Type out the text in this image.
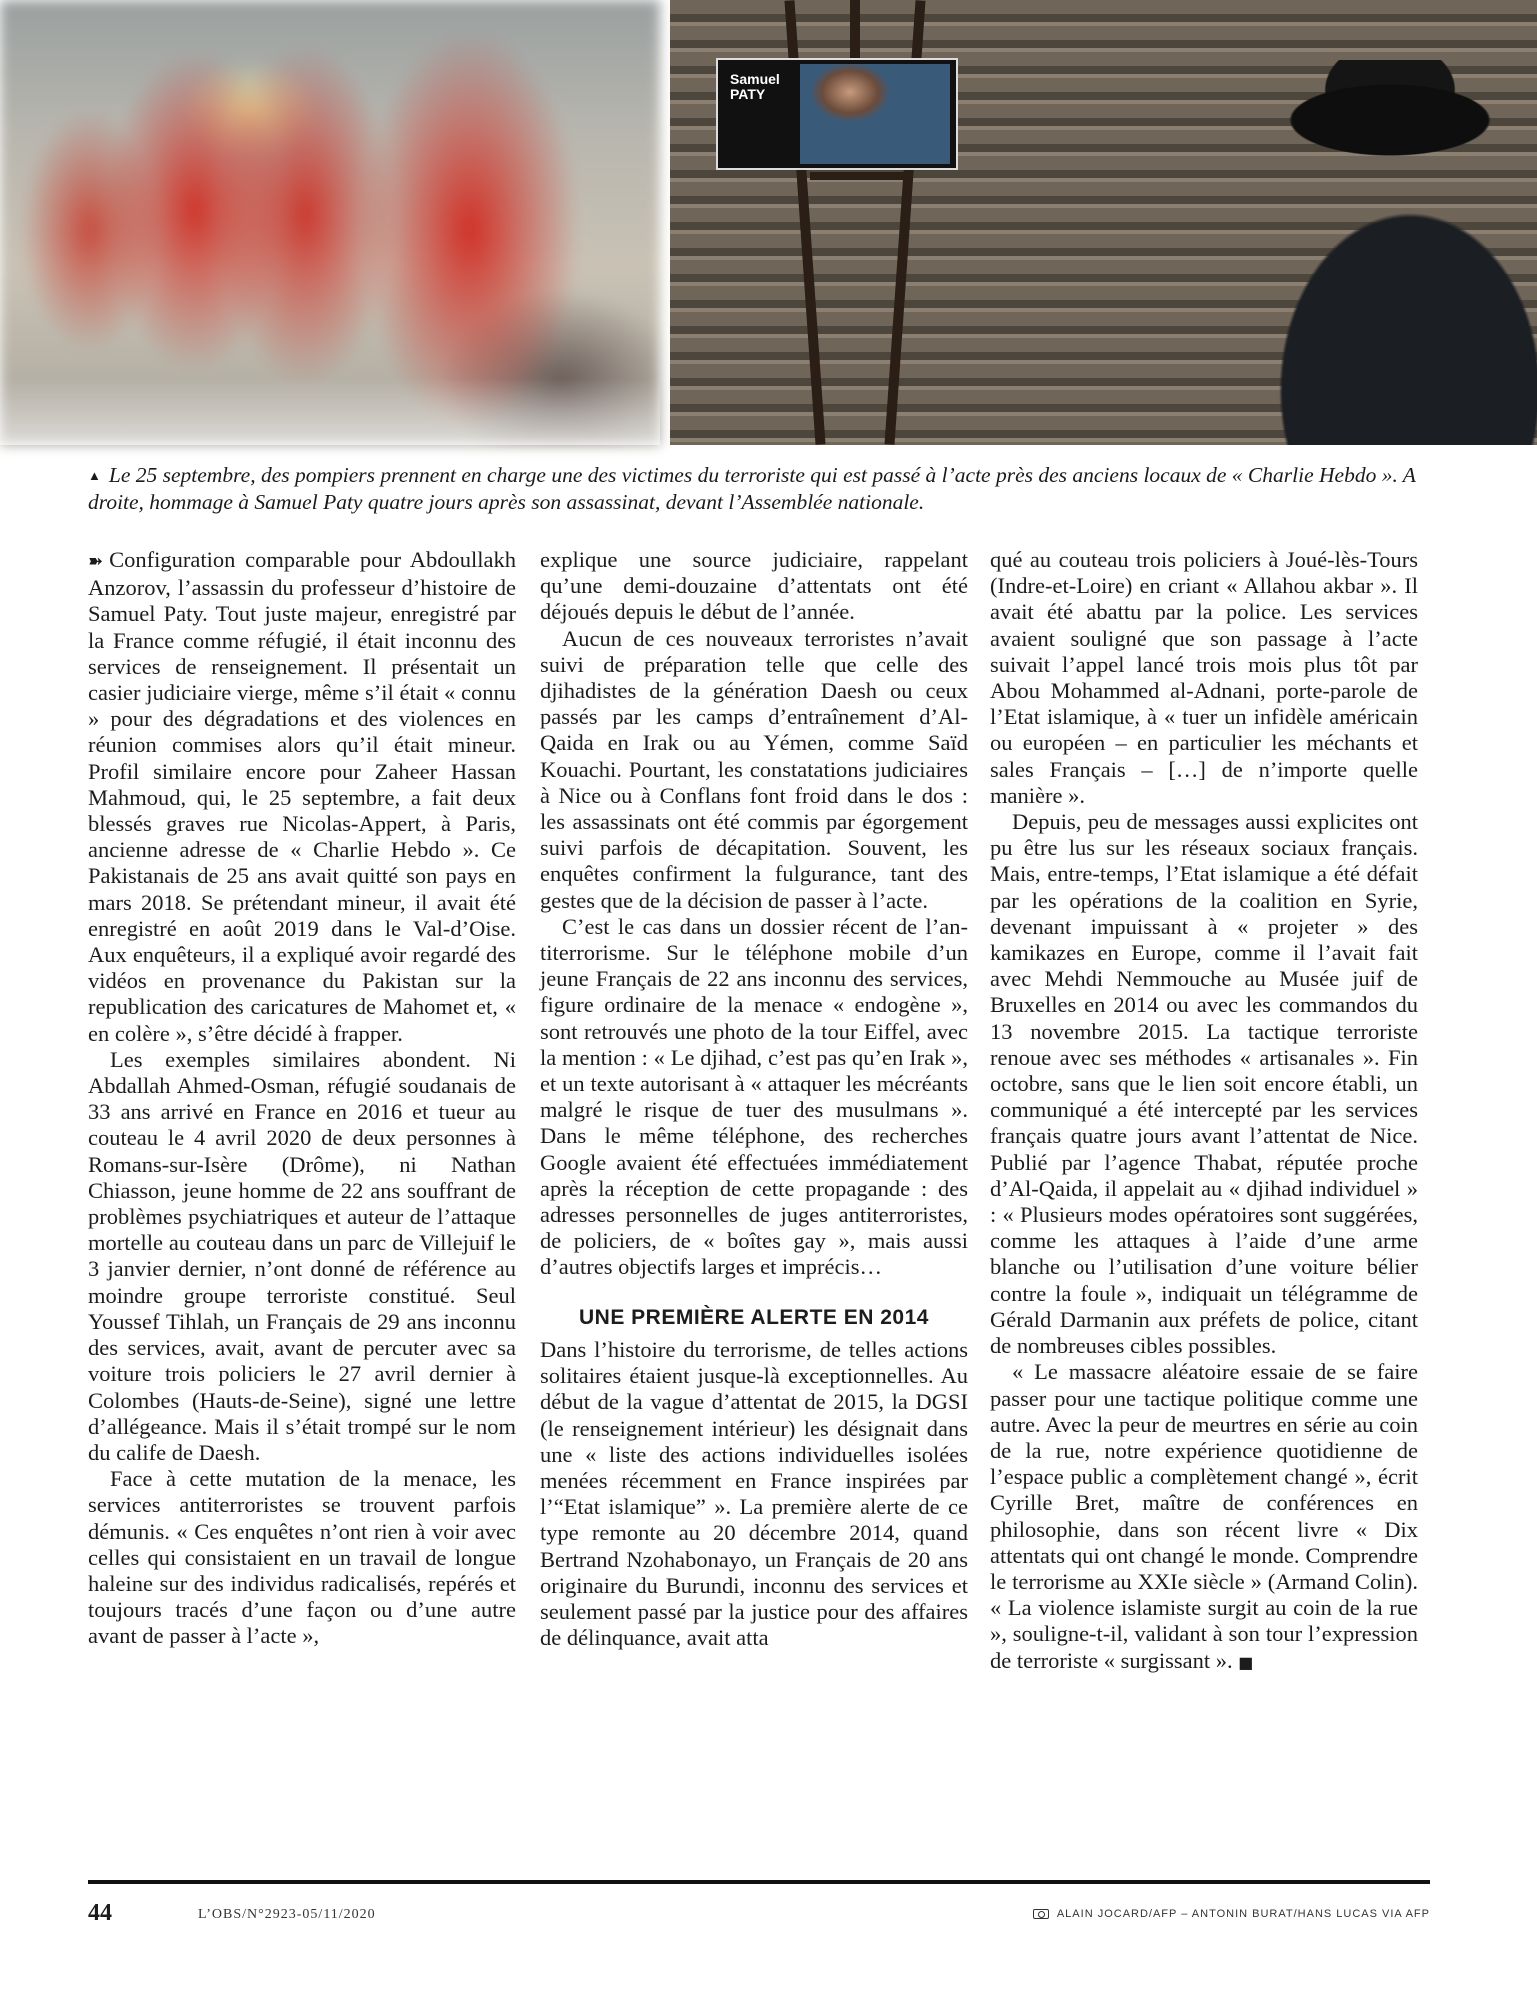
Samuel
PATY
▲ Le 25 septembre, des pompiers prennent en charge une des victimes du terroriste qui est passé à l’acte près des anciens locaux de « Charlie Hebdo ». A droite, hommage à Samuel Paty quatre jours après son assassinat, devant l’Assemblée nationale.

➽ Configuration comparable pour Abdoullakh Anzorov, l’assassin du professeur d’histoire de Samuel Paty. Tout juste majeur, enregistré par la France comme réfugié, il était inconnu des services de renseignement. Il présentait un casier judiciaire vierge, même s’il était « connu » pour des dégradations et des violences en réunion commises alors qu’il était mineur. Profil similaire encore pour Zaheer Hassan Mahmoud, qui, le 25 septembre, a fait deux blessés graves rue Nicolas-Appert, à Paris, ancienne adresse de « Charlie Hebdo ». Ce Pakistanais de 25 ans avait quitté son pays en mars 2018. Se prétendant mineur, il avait été enregistré en août 2019 dans le Val-d’Oise. Aux enquêteurs, il a expliqué avoir regardé des vidéos en provenance du Pakistan sur la republication des caricatures de Mahomet et, « en colère », s’être décidé à frapper.

Les exemples similaires abondent. Ni Abdallah Ahmed-Osman, réfugié soudanais de 33 ans arrivé en France en 2016 et tueur au couteau le 4 avril 2020 de deux personnes à Romans-sur-Isère (Drôme), ni Nathan Chiasson, jeune homme de 22 ans souffrant de problèmes psychiatriques et auteur de l’attaque mortelle au couteau dans un parc de Villejuif le 3 janvier dernier, n’ont donné de référence au moindre groupe terroriste constitué. Seul Youssef Tihlah, un Français de 29 ans inconnu des services, avait, avant de percuter avec sa voiture trois policiers le 27 avril dernier à Colombes (Hauts-de-Seine), signé une lettre d’allégeance. Mais il s’était trompé sur le nom du calife de Daesh.

Face à cette mutation de la menace, les services antiterroristes se trouvent parfois démunis. « Ces enquêtes n’ont rien à voir avec celles qui consistaient en un travail de longue haleine sur des individus radicalisés, repérés et toujours tracés d’une façon ou d’une autre avant de passer à l’acte »,

explique une source judiciaire, rappelant qu’une demi-douzaine d’attentats ont été déjoués depuis le début de l’année.

Aucun de ces nouveaux terroristes n’avait suivi de préparation telle que celle des djihadistes de la génération Daesh ou ceux passés par les camps d’entraînement d’Al-Qaida en Irak ou au Yémen, comme Saïd Kouachi. Pourtant, les constatations judiciaires à Nice ou à Conflans font froid dans le dos : les assassinats ont été commis par égorgement suivi parfois de décapitation. Souvent, les enquêtes confirment la fulgurance, tant des gestes que de la décision de passer à l’acte.

C’est le cas dans un dossier récent de l’antiterrorisme. Sur le téléphone mobile d’un jeune Français de 22 ans inconnu des services, figure ordinaire de la menace « endogène », sont retrouvés une photo de la tour Eiffel, avec la mention : « Le djihad, c’est pas qu’en Irak », et un texte autorisant à « attaquer les mécréants malgré le risque de tuer des musulmans ». Dans le même téléphone, des recherches Google avaient été effectuées immédiatement après la réception de cette propagande : des adresses personnelles de juges antiterroristes, de policiers, de « boîtes gay », mais aussi d’autres objectifs larges et imprécis…

UNE PREMIÈRE ALERTE EN 2014

Dans l’histoire du terrorisme, de telles actions solitaires étaient jusque-là exceptionnelles. Au début de la vague d’attentat de 2015, la DGSI (le renseignement intérieur) les désignait dans une « liste des actions individuelles isolées menées récemment en France inspirées par l’“Etat islamique” ». La première alerte de ce type remonte au 20 décembre 2014, quand Bertrand Nzohabonayo, un Français de 20 ans originaire du Burundi, inconnu des services et seulement passé par la justice pour des affaires de délinquance, avait atta

qué au couteau trois policiers à Joué-lès-Tours (Indre-et-Loire) en criant « Allahou akbar ». Il avait été abattu par la police. Les services avaient souligné que son passage à l’acte suivait l’appel lancé trois mois plus tôt par Abou Mohammed al-Adnani, porte-parole de l’Etat islamique, à « tuer un infidèle américain ou européen – en particulier les méchants et sales Français – […] de n’importe quelle manière ».

Depuis, peu de messages aussi explicites ont pu être lus sur les réseaux sociaux français. Mais, entre-temps, l’Etat islamique a été défait par les opérations de la coalition en Syrie, devenant impuissant à « projeter » des kamikazes en Europe, comme il l’avait fait avec Mehdi Nemmouche au Musée juif de Bruxelles en 2014 ou avec les commandos du 13 novembre 2015. La tactique terroriste renoue avec ses méthodes « artisanales ». Fin octobre, sans que le lien soit encore établi, un communiqué a été intercepté par les services français quatre jours avant l’attentat de Nice. Publié par l’agence Thabat, réputée proche d’Al-Qaida, il appelait au « djihad individuel » : « Plusieurs modes opératoires sont suggérées, comme les attaques à l’aide d’une arme blanche ou l’utilisation d’une voiture bélier contre la foule », indiquait un télégramme de Gérald Darmanin aux préfets de police, citant de nombreuses cibles possibles.

« Le massacre aléatoire essaie de se faire passer pour une tactique politique comme une autre. Avec la peur de meurtres en série au coin de la rue, notre expérience quotidienne de l’espace public a complètement changé », écrit Cyrille Bret, maître de conférences en philosophie, dans son récent livre « Dix attentats qui ont changé le monde. Comprendre le terrorisme au XXIe siècle » (Armand Colin). « La violence islamiste surgit au coin de la rue », souligne-t-il, validant à son tour l’expression de terroriste « surgissant ». ■

44	L’OBS/N°2923-05/11/2020	ALAIN JOCARD/AFP – ANTONIN BURAT/HANS LUCAS VIA AFP
